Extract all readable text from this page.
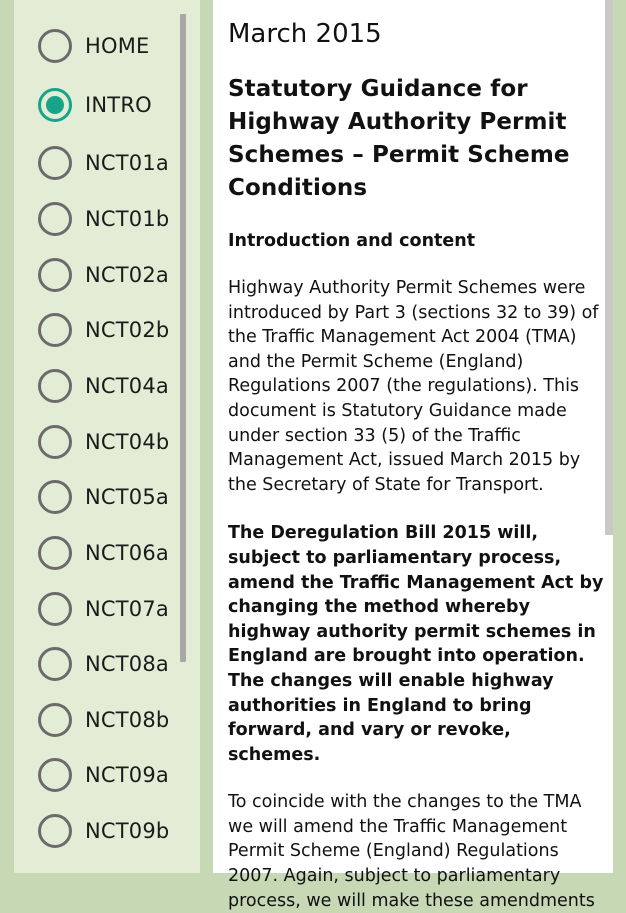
HOME
INTRO
NCT01a
NCT01b
NCT02a
NCT02b
NCT04a
NCT04b
NCT05a
NCT06a
NCT07a
NCT08a
NCT08b
NCT09a
NCT09b
March 2015
Statutory Guidance for Highway Authority Permit Schemes – Permit Scheme Conditions
Introduction and content

Highway Authority Permit Schemes were introduced by Part 3 (sections 32 to 39) of the Traffic Management Act 2004 (TMA) and the Permit Scheme (England) Regulations 2007 (the regulations). This document is Statutory Guidance made under section 33 (5) of the Traffic Management Act, issued March 2015 by the Secretary of State for Transport.

The Deregulation Bill 2015 will, subject to parliamentary process, amend the Traffic Management Act by changing the method whereby highway authority permit schemes in England are brought into operation. The changes will enable highway authorities in England to bring forward, and vary or revoke, schemes.

To coincide with the changes to the TMA we will amend the Traffic Management Permit Scheme (England) Regulations 2007. Again, subject to parliamentary process, we will make these amendments
